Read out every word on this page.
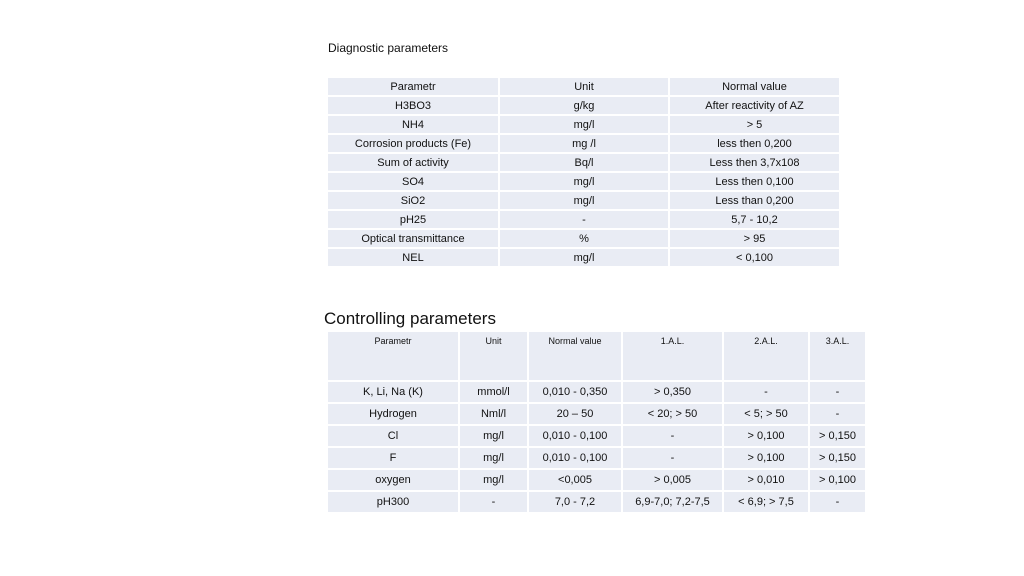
Diagnostic parameters
Parametr	Unit	Normal value
H3BO3	g/kg	After reactivity of AZ
NH4	mg/l	> 5
Corrosion products (Fe)	mg /l	less then 0,200
Sum of activity	Bq/l	Less then 3,7x108
SO4	mg/l	Less then 0,100
SiO2	mg/l	Less than 0,200
pH25	-	5,7 - 10,2
Optical transmittance	%	> 95
NEL	mg/l	< 0,100
Controlling parameters
Parametr	Unit	Normal value	1.A.L.	2.A.L.	3.A.L.
K, Li, Na (K)	mmol/l	0,010 - 0,350	> 0,350	-	-
Hydrogen	Nml/l	20 – 50	< 20; > 50	< 5; > 50	-
Cl	mg/l	0,010 - 0,100	-	> 0,100	> 0,150
F	mg/l	0,010 - 0,100	-	> 0,100	> 0,150
oxygen	mg/l	<0,005	> 0,005	> 0,010	> 0,100
pH300	-	7,0 - 7,2	6,9-7,0; 7,2-7,5	< 6,9; > 7,5	-
